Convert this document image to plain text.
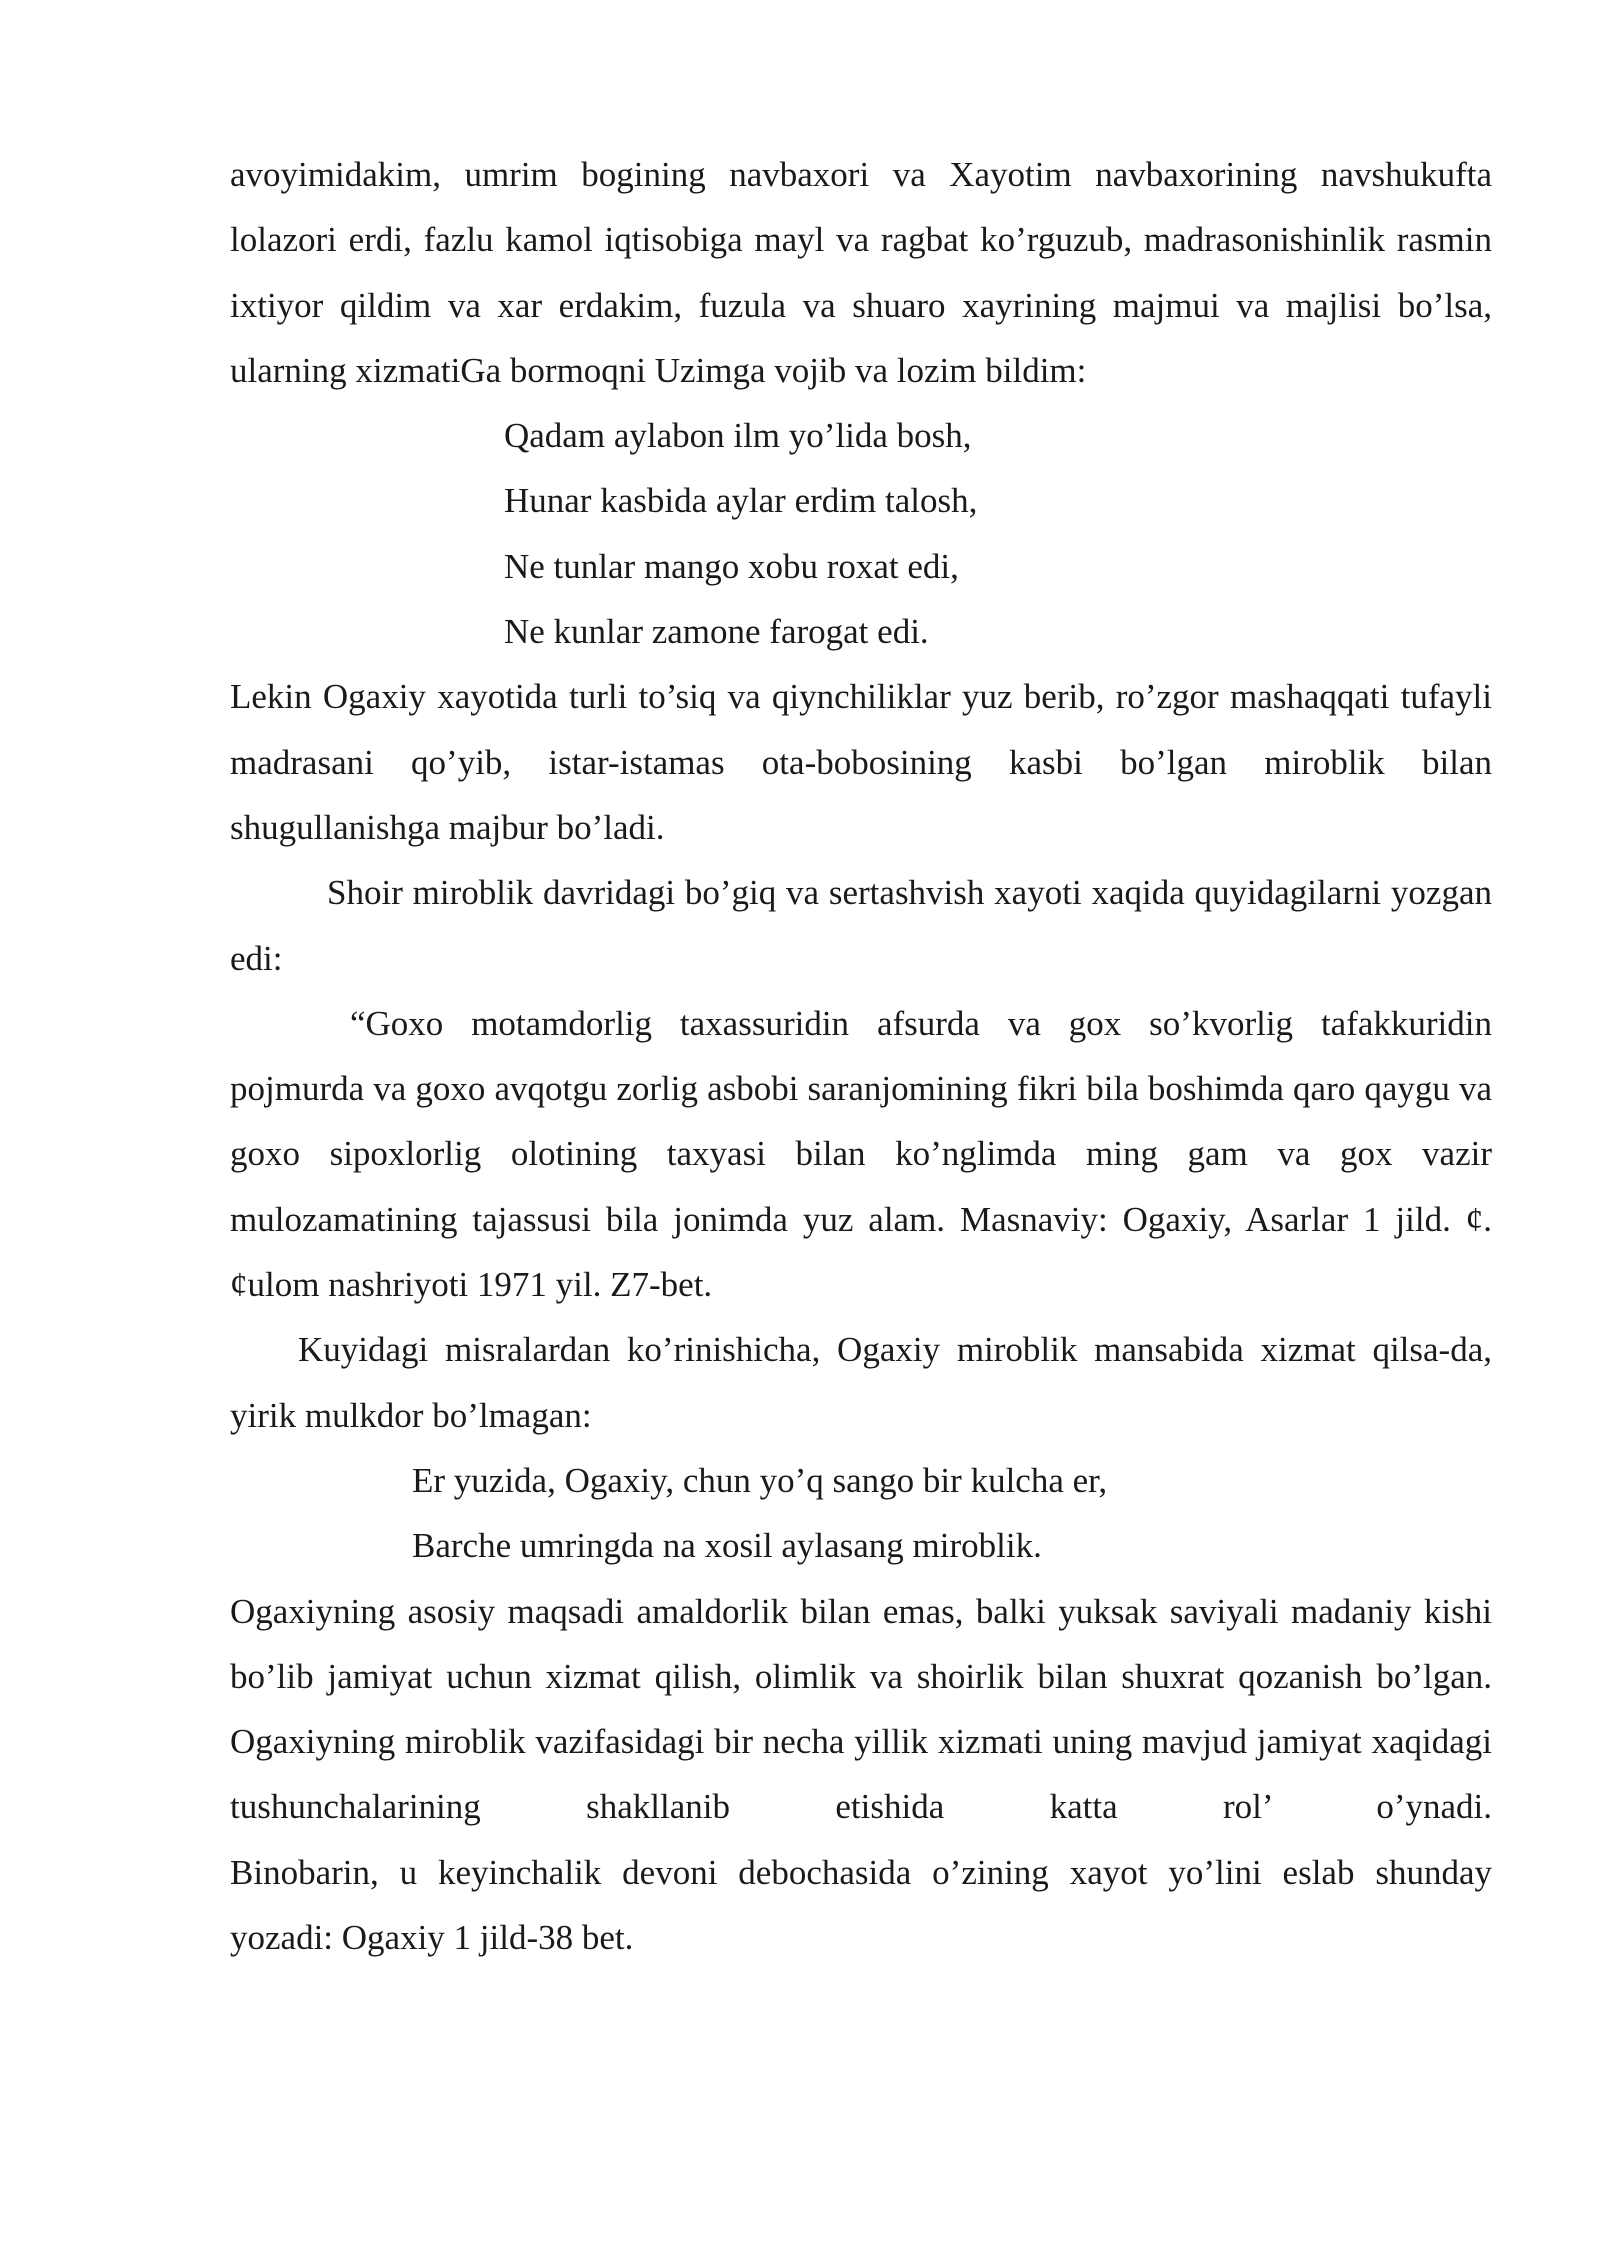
avoyimidakim, umrim bogining navbaxori va Xayotim navbaxorining navshukufta lolazori erdi, fazlu kamol iqtisobiga mayl va ragbat ko’rguzub, madrasonishinlik rasmin ixtiyor qildim va xar erdakim, fuzula va shuaro xayrining majmui va majlisi bo’lsa, ularning xizmatiGa bormoqni Uzimga vojib va lozim bildim:

Qadam aylabon ilm yo’lida bosh,

Hunar kasbida aylar erdim talosh,

Ne tunlar mango xobu roxat edi,

Ne kunlar zamone farogat edi.

Lekin Ogaxiy xayotida turli to’siq va qiynchiliklar yuz berib, ro’zgor mashaqqati tufayli madrasani qo’yib, istar-istamas ota-bobosining kasbi bo’lgan miroblik bilan shugullanishga majbur bo’ladi.

Shoir miroblik davridagi bo’giq va sertashvish xayoti xaqida quyidagilarni yozgan edi:

“Goxo motamdorlig taxassuridin afsurda va gox so’kvorlig tafakkuridin pojmurda va goxo avqotgu zorlig asbobi saranjomining fikri bila boshimda qaro qaygu va goxo sipoxlorlig olotining taxyasi bilan ko’nglimda ming gam va gox vazir mulozamatining tajassusi bila jonimda yuz alam. Masnaviy: Ogaxiy, Asarlar 1 jild. ¢.¢ulom nashriyoti 1971 yil. Z7-bet.

Kuyidagi misralardan ko’rinishicha, Ogaxiy miroblik mansabida xizmat qilsa-da, yirik mulkdor bo’lmagan:

Er yuzida, Ogaxiy, chun yo’q sango bir kulcha er,

Barche umringda na xosil aylasang miroblik.

Ogaxiyning asosiy maqsadi amaldorlik bilan emas, balki yuksak saviyali madaniy kishi bo’lib jamiyat uchun xizmat qilish, olimlik va shoirlik bilan shuxrat qozanish bo’lgan. Ogaxiyning miroblik vazifasidagi bir necha yillik xizmati uning mavjud jamiyat xaqidagi tushunchalarining shakllanib etishida katta rol’ o’ynadi.

Binobarin, u keyinchalik devoni debochasida o’zining xayot yo’lini eslab shunday yozadi: Ogaxiy 1 jild-38 bet.
